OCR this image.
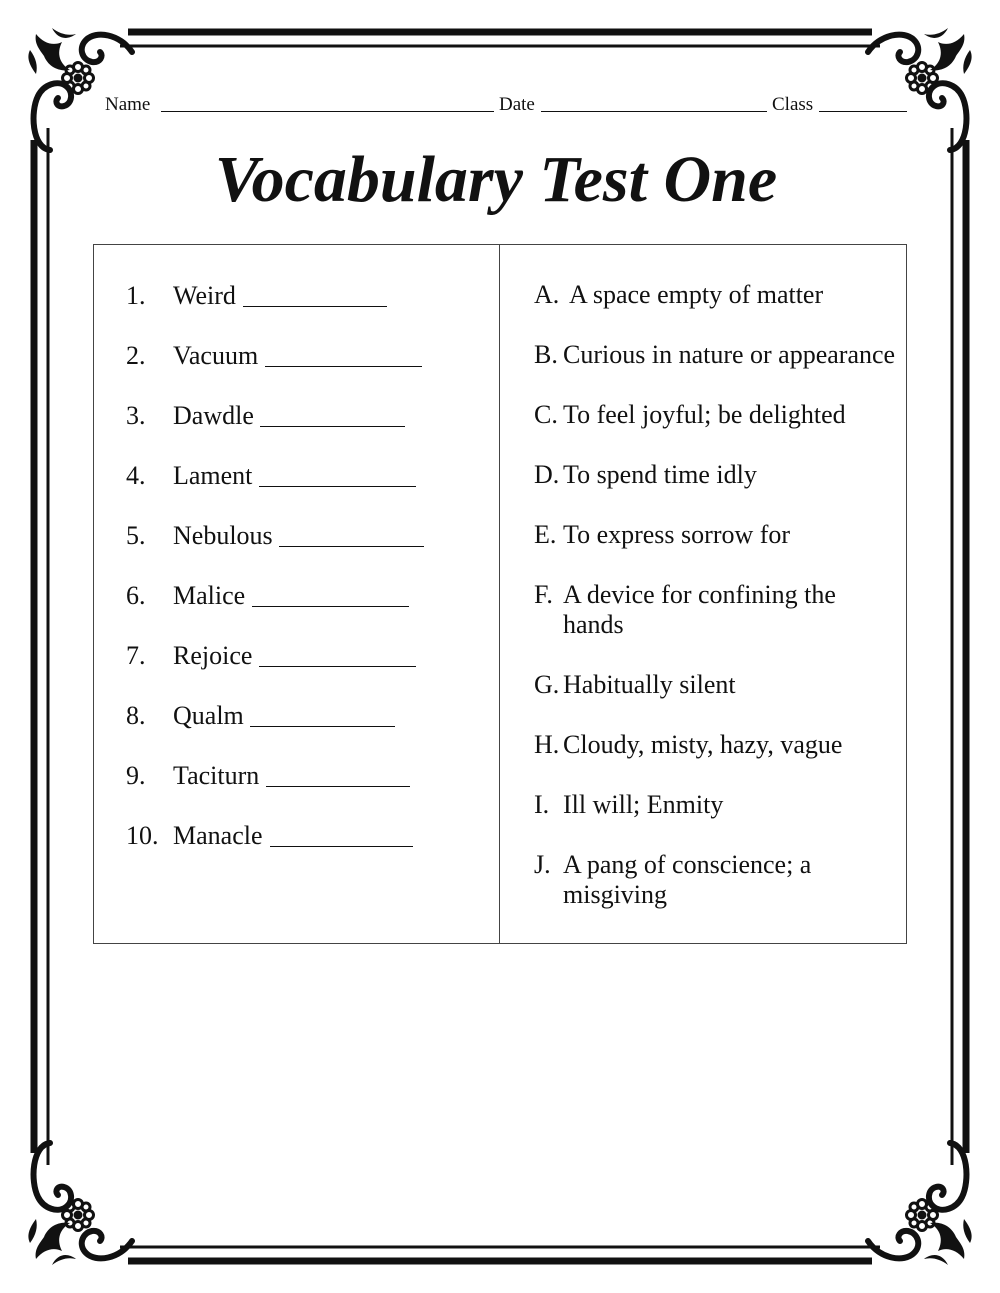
Name	Date	Class
Vocabulary Test One
1. Weird
2. Vacuum
3. Dawdle
4. Lament
5. Nebulous
6. Malice
7. Rejoice
8. Qualm
9. Taciturn
10. Manacle
A. A space empty of matter
B. Curious in nature or appearance
C. To feel joyful; be delighted
D. To spend time idly
E. To express sorrow for
F. A device for confining the hands
G. Habitually silent
H. Cloudy, misty, hazy, vague
I. Ill will; Enmity
J. A pang of conscience; a misgiving
